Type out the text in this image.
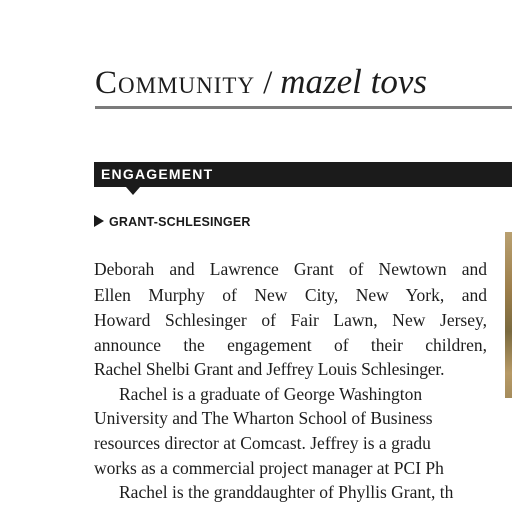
Community / mazel tovs
ENGAGEMENT
GRANT-SCHLESINGER
Deborah and Lawrence Grant of Newtown and
Ellen Murphy of New City, New York, and
Howard Schlesinger of Fair Lawn, New Jersey,
announce the engagement of their children,
Rachel Shelbi Grant and Jeffrey Louis Schlesinger.
Rachel is a graduate of George Washington
University and The Wharton School of Business
resources director at Comcast. Jeffrey is a gradu
works as a commercial project manager at PCI Ph
Rachel is the granddaughter of Phyllis Grant, th
